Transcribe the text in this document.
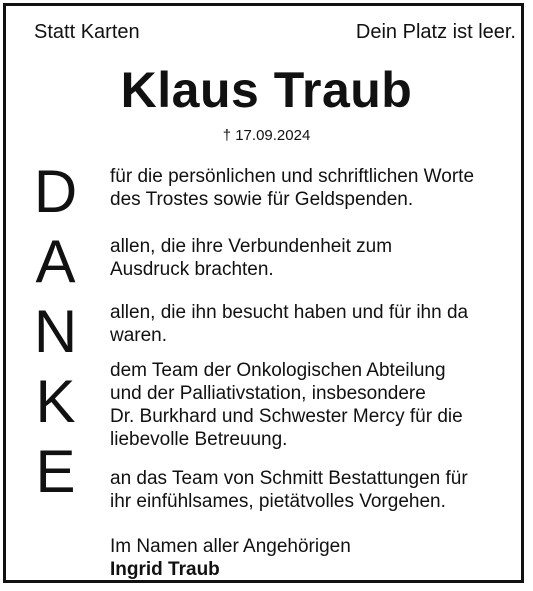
Statt Karten	Dein Platz ist leer.
Klaus Traub
† 17.09.2024
D
A
N
K
E
für die persönlichen und schriftlichen Worte
des Trostes sowie für Geldspenden.
allen, die ihre Verbundenheit zum
Ausdruck brachten.
allen, die ihn besucht haben und für ihn da
waren.
dem Team der Onkologischen Abteilung
und der Palliativstation, insbesondere
Dr. Burkhard und Schwester Mercy für die
liebevolle Betreuung.
an das Team von Schmitt Bestattungen für
ihr einfühlsames, pietätvolles Vorgehen.
Im Namen aller Angehörigen
Ingrid Traub
